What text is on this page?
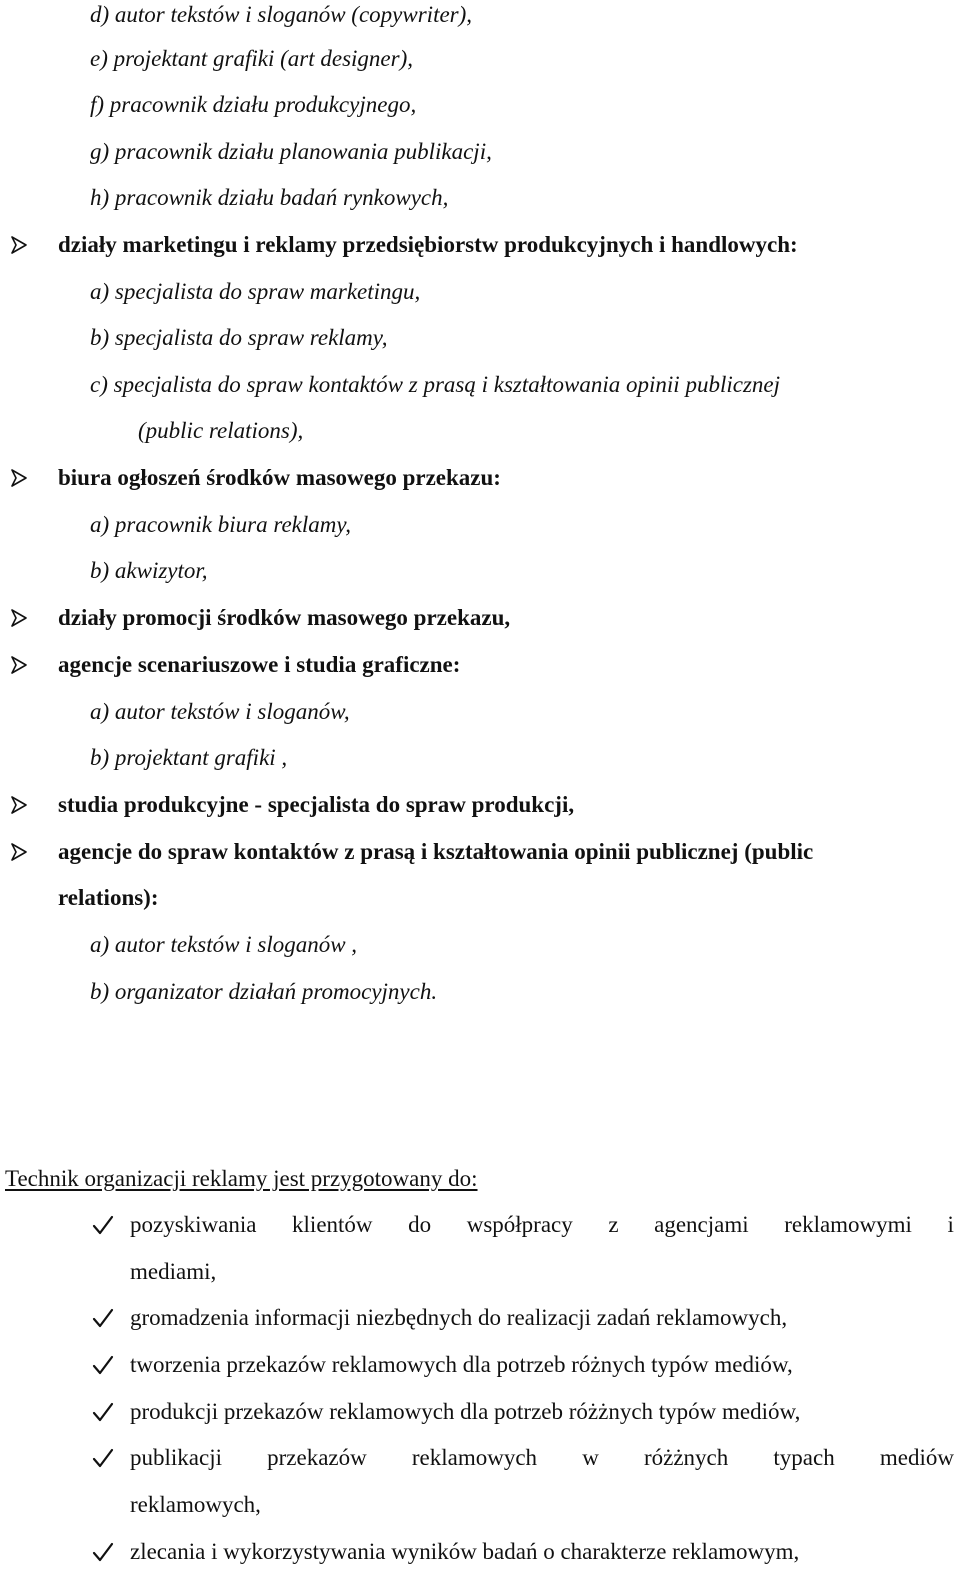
d) autor tekstów i sloganów (copywriter),
e) projektant grafiki (art designer),
f) pracownik działu produkcyjnego,
g) pracownik działu planowania publikacji,
h) pracownik działu badań rynkowych,
działy marketingu i reklamy przedsiębiorstw produkcyjnych i handlowych:
a) specjalista do spraw marketingu,
b) specjalista do spraw reklamy,
c) specjalista do spraw kontaktów z prasą i kształtowania opinii publicznej
(public relations),
biura ogłoszeń środków masowego przekazu:
a) pracownik biura reklamy,
b) akwizytor,
działy promocji środków masowego przekazu,
agencje scenariuszowe i studia graficzne:
a) autor tekstów i sloganów,
b) projektant grafiki ,
studia produkcyjne - specjalista do spraw produkcji,
agencje do spraw kontaktów z prasą i kształtowania opinii publicznej (public
relations):
a) autor tekstów i sloganów ,
b) organizator działań promocyjnych.
Technik organizacji reklamy jest przygotowany do:
pozyskiwania klientów do współpracy z agencjami reklamowymi i
mediami,
gromadzenia informacji niezbędnych do realizacji zadań reklamowych,
tworzenia przekazów reklamowych dla potrzeb różnych typów mediów,
produkcji przekazów reklamowych dla potrzeb różżnych typów mediów,
publikacji przekazów reklamowych w różżnych typach mediów
reklamowych,
zlecania i wykorzystywania wyników badań o charakterze reklamowym,
